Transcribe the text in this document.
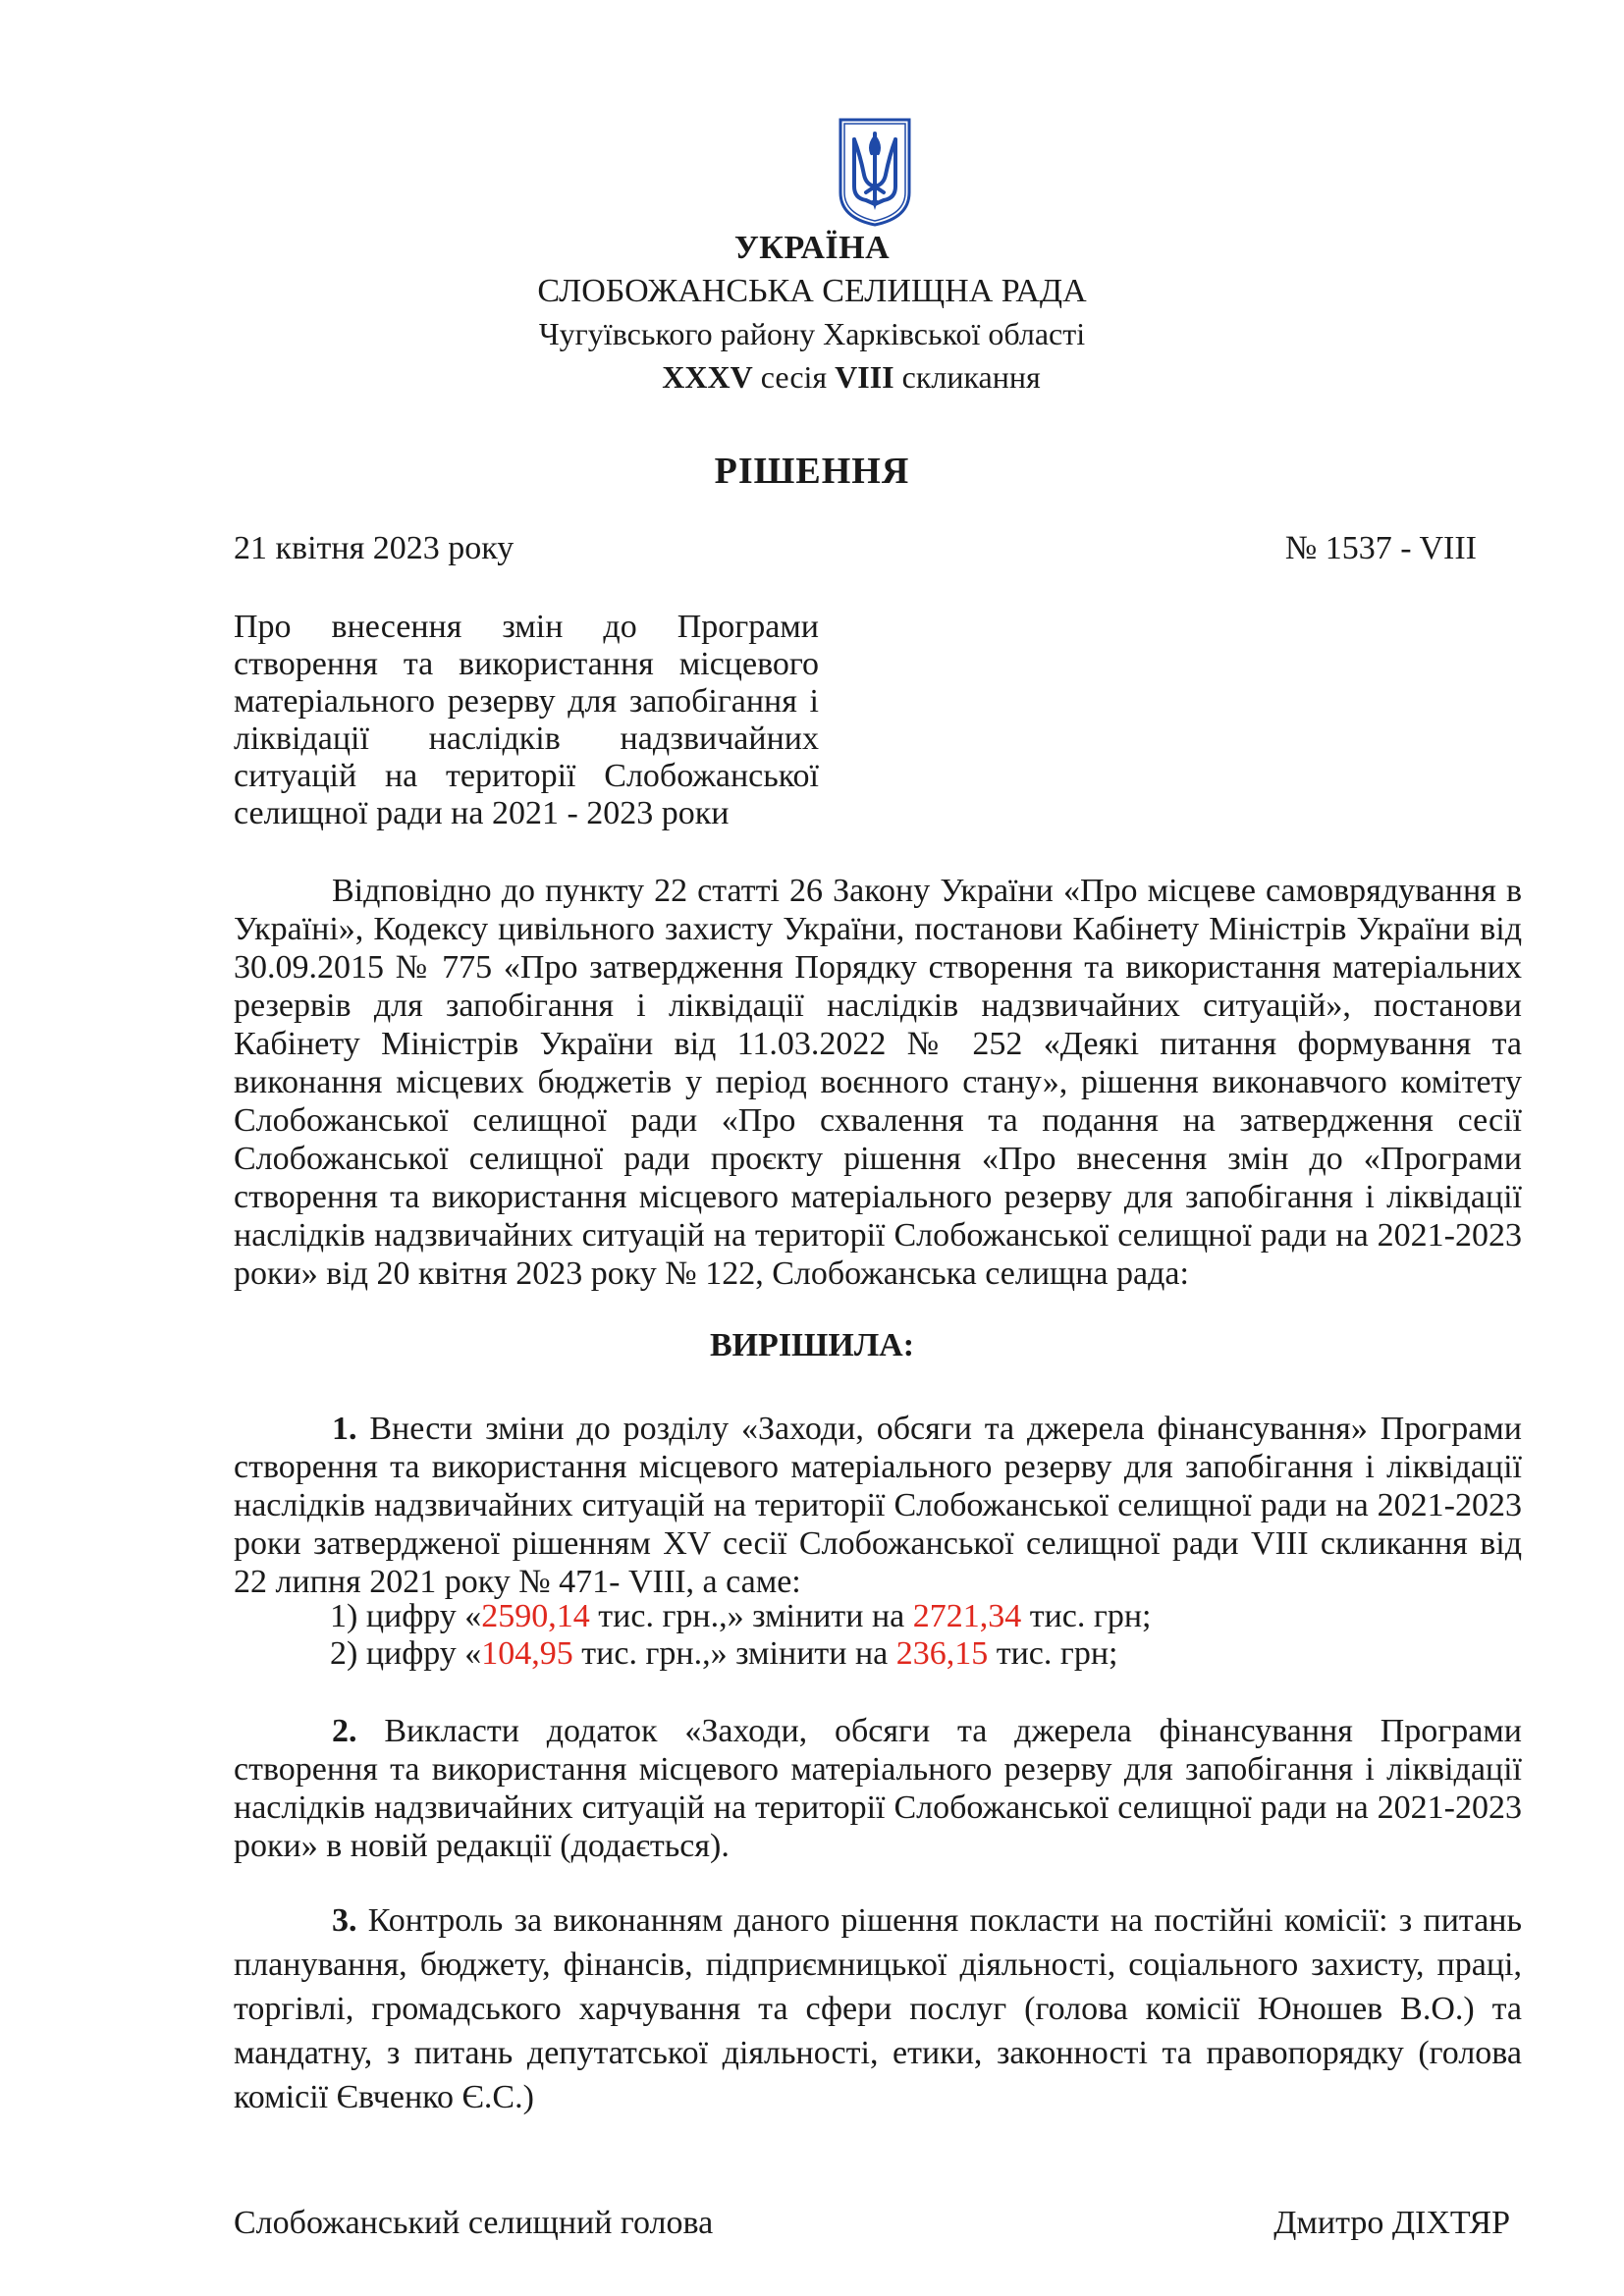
УКРАЇНА
СЛОБОЖАНСЬКА СЕЛИЩНА РАДА
Чугуївського району Харківської області
XXXV сесія VIII скликання
РІШЕННЯ
21 квітня 2023 року	№ 1537 - VIII
Про внесення змін до Програми створення та використання місцевого матеріального резерву для запобігання і ліквідації наслідків надзвичайних ситуацій на території Слобожанської селищної ради на 2021 - 2023 роки
Відповідно до пункту 22 статті 26 Закону України «Про місцеве самоврядування в Україні», Кодексу цивільного захисту України, постанови Кабінету Міністрів України від 30.09.2015 № 775 «Про затвердження Порядку створення та використання матеріальних резервів для запобігання і ліквідації наслідків надзвичайних ситуацій», постанови Кабінету Міністрів України від 11.03.2022 № 252 «Деякі питання формування та виконання місцевих бюджетів у період воєнного стану», рішення виконавчого комітету Слобожанської селищної ради «Про схвалення та подання на затвердження сесії Слобожанської селищної ради проєкту рішення «Про внесення змін до «Програми створення та використання місцевого матеріального резерву для запобігання і ліквідації наслідків надзвичайних ситуацій на території Слобожанської селищної ради на 2021-2023 роки» від 20 квітня 2023 року № 122, Слобожанська селищна рада:
ВИРІШИЛА:
1. Внести зміни до розділу «Заходи, обсяги та джерела фінансування» Програми створення та використання місцевого матеріального резерву для запобігання і ліквідації наслідків надзвичайних ситуацій на території Слобожанської селищної ради на 2021-2023 роки затвердженої рішенням XV сесії Слобожанської селищної ради VIII скликання від 22 липня 2021 року № 471- VIII, а саме:
1) цифру «2590,14 тис. грн.,» змінити на 2721,34 тис. грн;
2) цифру «104,95 тис. грн.,» змінити на 236,15 тис. грн;
2. Викласти додаток «Заходи, обсяги та джерела фінансування Програми створення та використання місцевого матеріального резерву для запобігання і ліквідації наслідків надзвичайних ситуацій на території Слобожанської селищної ради на 2021-2023 роки» в новій редакції (додається).
3. Контроль за виконанням даного рішення покласти на постійні комісії: з питань планування, бюджету, фінансів, підприємницької діяльності, соціального захисту, праці, торгівлі, громадського харчування та сфери послуг (голова комісії Юношев В.О.) та мандатну, з питань депутатської діяльності, етики, законності та правопорядку (голова комісії Євченко Є.С.)
Слобожанський селищний голова	Дмитро ДІХТЯР
